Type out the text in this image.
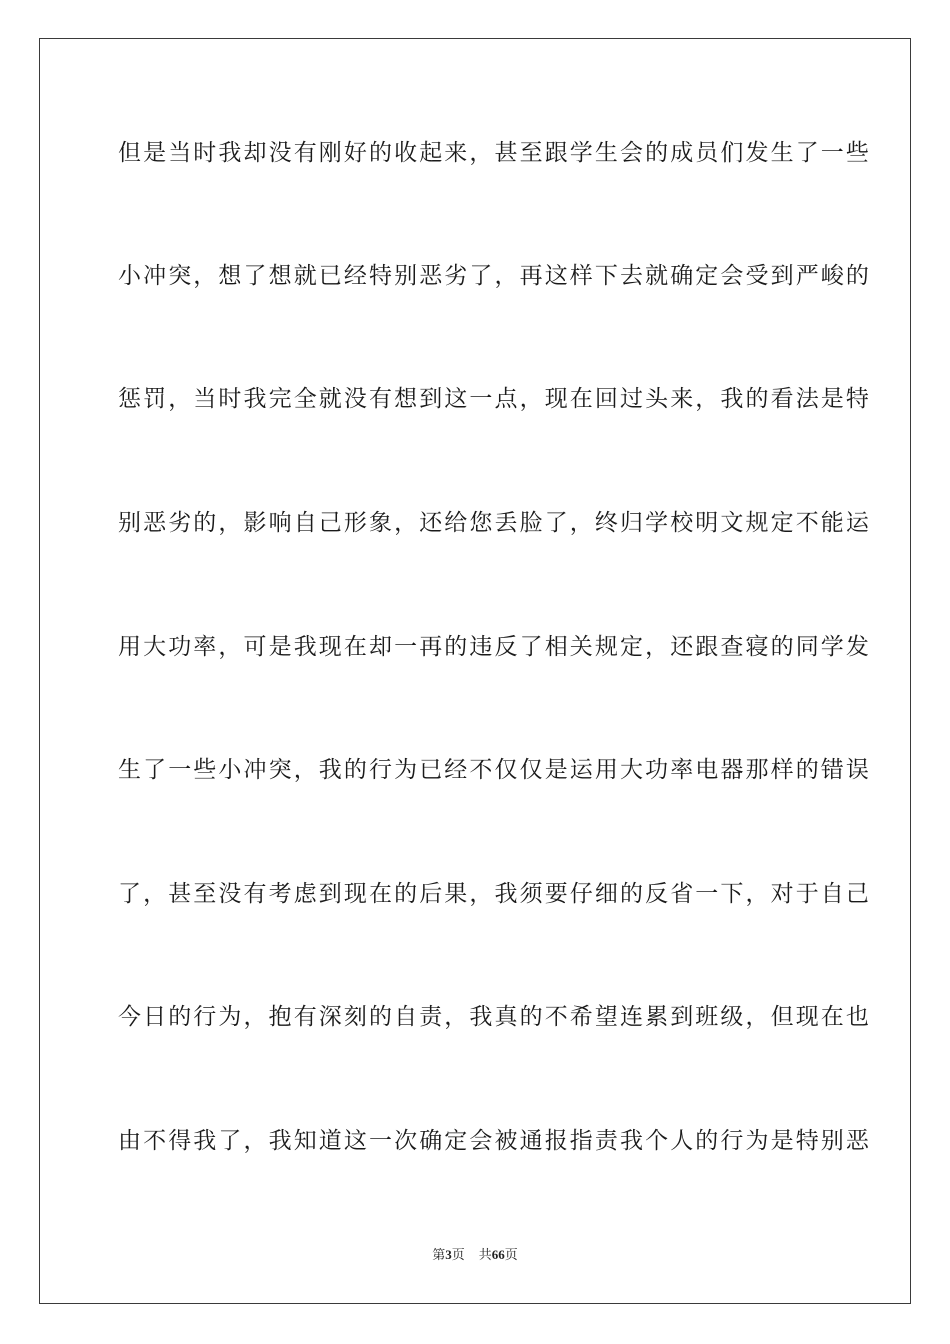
但是当时我却没有刚好的收起来，甚至跟学生会的成员们发生了一些
小冲突，想了想就已经特别恶劣了，再这样下去就确定会受到严峻的
惩罚，当时我完全就没有想到这一点，现在回过头来，我的看法是特
别恶劣的，影响自己形象，还给您丢脸了，终归学校明文规定不能运
用大功率，可是我现在却一再的违反了相关规定，还跟查寝的同学发
生了一些小冲突，我的行为已经不仅仅是运用大功率电器那样的错误
了，甚至没有考虑到现在的后果，我须要仔细的反省一下，对于自己
今日的行为，抱有深刻的自责，我真的不希望连累到班级，但现在也
由不得我了，我知道这一次确定会被通报指责我个人的行为是特别恶
第3页 共66页
